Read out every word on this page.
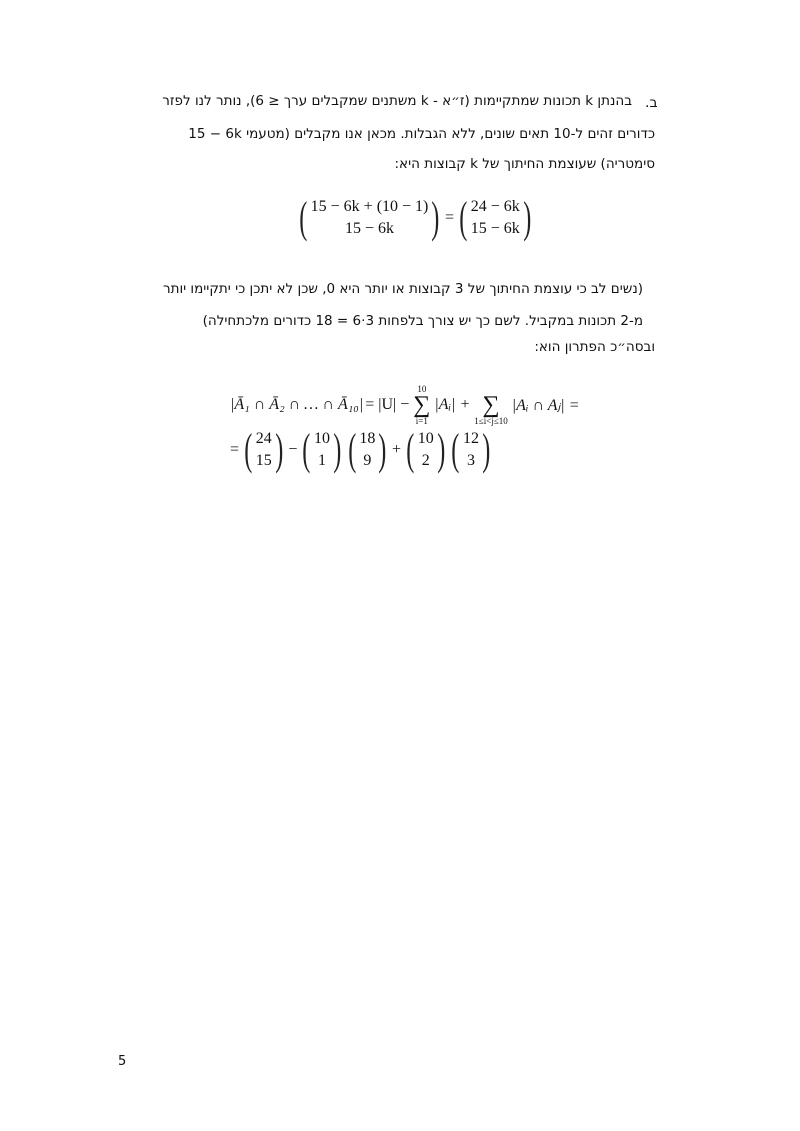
ב.
בהנתן k תכונות שמתקיימות (ז״א - k משתנים שמקבלים ערך ≤ 6), נותר לנו לפזר
15 − 6k כדורים זהים ל-10 תאים שונים, ללא הגבלות. מכאן אנו מקבלים (מטעמי
סימטריה) שעוצמת החיתוך של k קבוצות היא:
( 15 − 6k + (10 − 1)
15 − 6k ) = ( 24 − 6k
15 − 6k )
(נשים לב כי עוצמת החיתוך של 3 קבוצות או יותר היא 0, שכן לא יתכן כי יתקיימו יותר
מ-2 תכונות במקביל. לשם כך יש צורך בלפחות 3·6 = 18 כדורים מלכתחילה)
ובסה״כ הפתרון הוא:
|Ā₁ ∩ Ā₂ ∩ … ∩ Ā₁₀| = |U| −
10
∑
i=1
|Aᵢ| +
∑
1≤i<j≤10
|Aᵢ ∩ Aⱼ| =
= ( 24
15 ) − ( 10
1 ) ( 18
9 ) + ( 10
2 ) ( 12
3 )
5
